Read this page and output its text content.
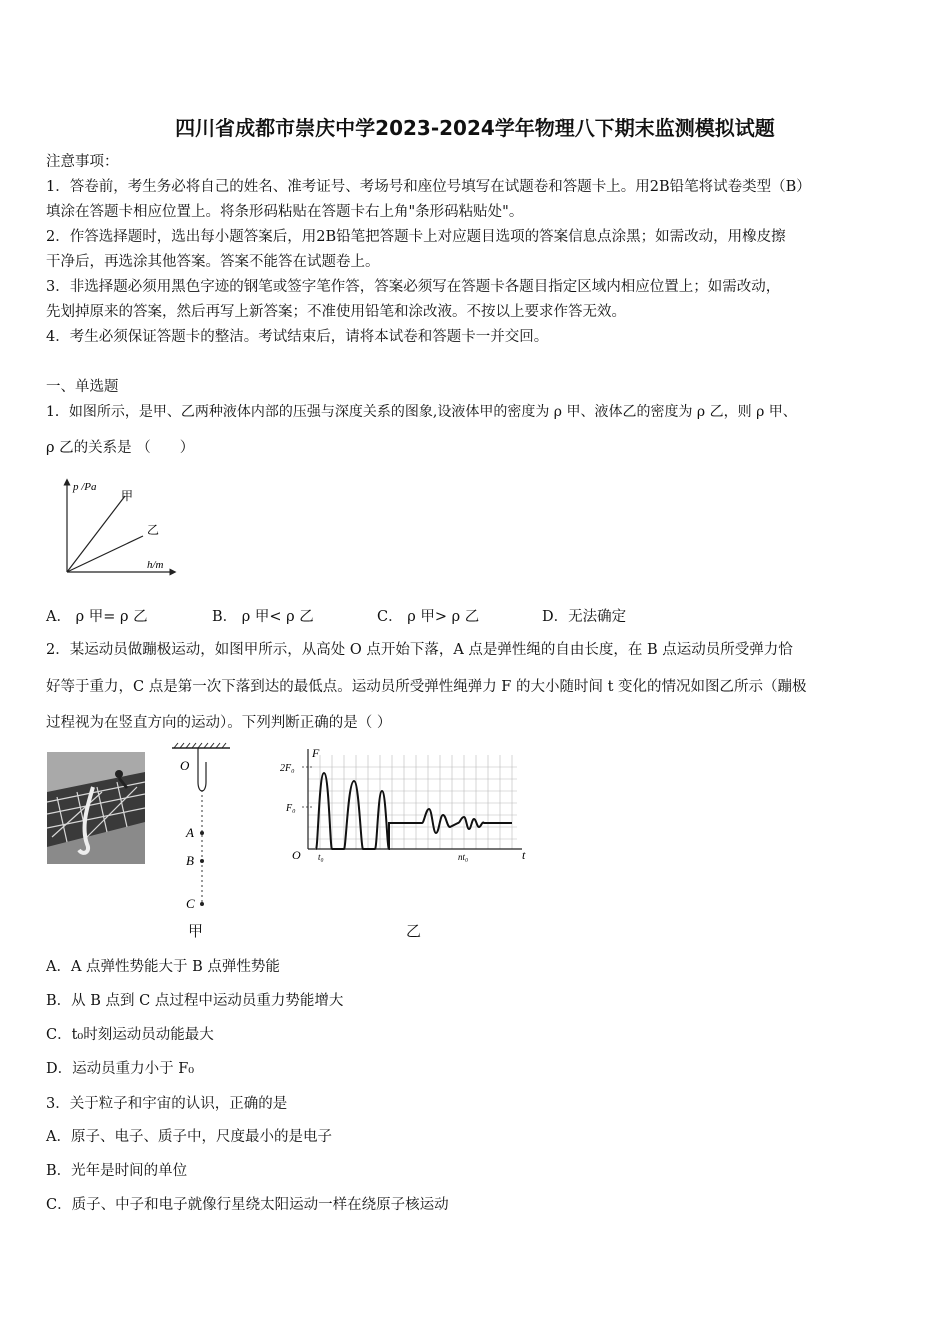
四川省成都市崇庆中学2023-2024学年物理八下期末监测模拟试题
注意事项：
1．答卷前，考生务必将自己的姓名、准考证号、考场号和座位号填写在试题卷和答题卡上。用2B铅笔将试卷类型（B）
填涂在答题卡相应位置上。将条形码粘贴在答题卡右上角"条形码粘贴处"。
2．作答选择题时，选出每小题答案后，用2B铅笔把答题卡上对应题目选项的答案信息点涂黑；如需改动，用橡皮擦
干净后，再选涂其他答案。答案不能答在试题卷上。
3．非选择题必须用黑色字迹的钢笔或签字笔作答，答案必须写在答题卡各题目指定区域内相应位置上；如需改动，
先划掉原来的答案，然后再写上新答案；不准使用铅笔和涂改液。不按以上要求作答无效。
4．考生必须保证答题卡的整洁。考试结束后，请将本试卷和答题卡一并交回。
一、单选题
1．如图所示，是甲、乙两种液体内部的压强与深度关系的图象,设液体甲的密度为 ρ 甲、液体乙的密度为 ρ 乙，则 ρ 甲、
ρ 乙的关系是 （　　）
p /Pa
h/m
甲
乙
A． ρ 甲= ρ 乙	B． ρ 甲< ρ 乙	C． ρ 甲> ρ 乙	D．无法确定
2．某运动员做蹦极运动，如图甲所示，从高处 O 点开始下落，A 点是弹性绳的自由长度，在 B 点运动员所受弹力恰
好等于重力，C 点是第一次下落到达的最低点。运动员所受弹性绳弹力 F 的大小随时间 t 变化的情况如图乙所示（蹦极
过程视为在竖直方向的运动）。下列判断正确的是（ ）
O
A
B
C
甲
F
2F₀
F₀
O t₀	nt₀	t
乙
A．A 点弹性势能大于 B 点弹性势能
B．从 B 点到 C 点过程中运动员重力势能增大
C．t₀时刻运动员动能最大
D．运动员重力小于 F₀
3．关于粒子和宇宙的认识，正确的是
A．原子、电子、质子中，尺度最小的是电子
B．光年是时间的单位
C．质子、中子和电子就像行星绕太阳运动一样在绕原子核运动
